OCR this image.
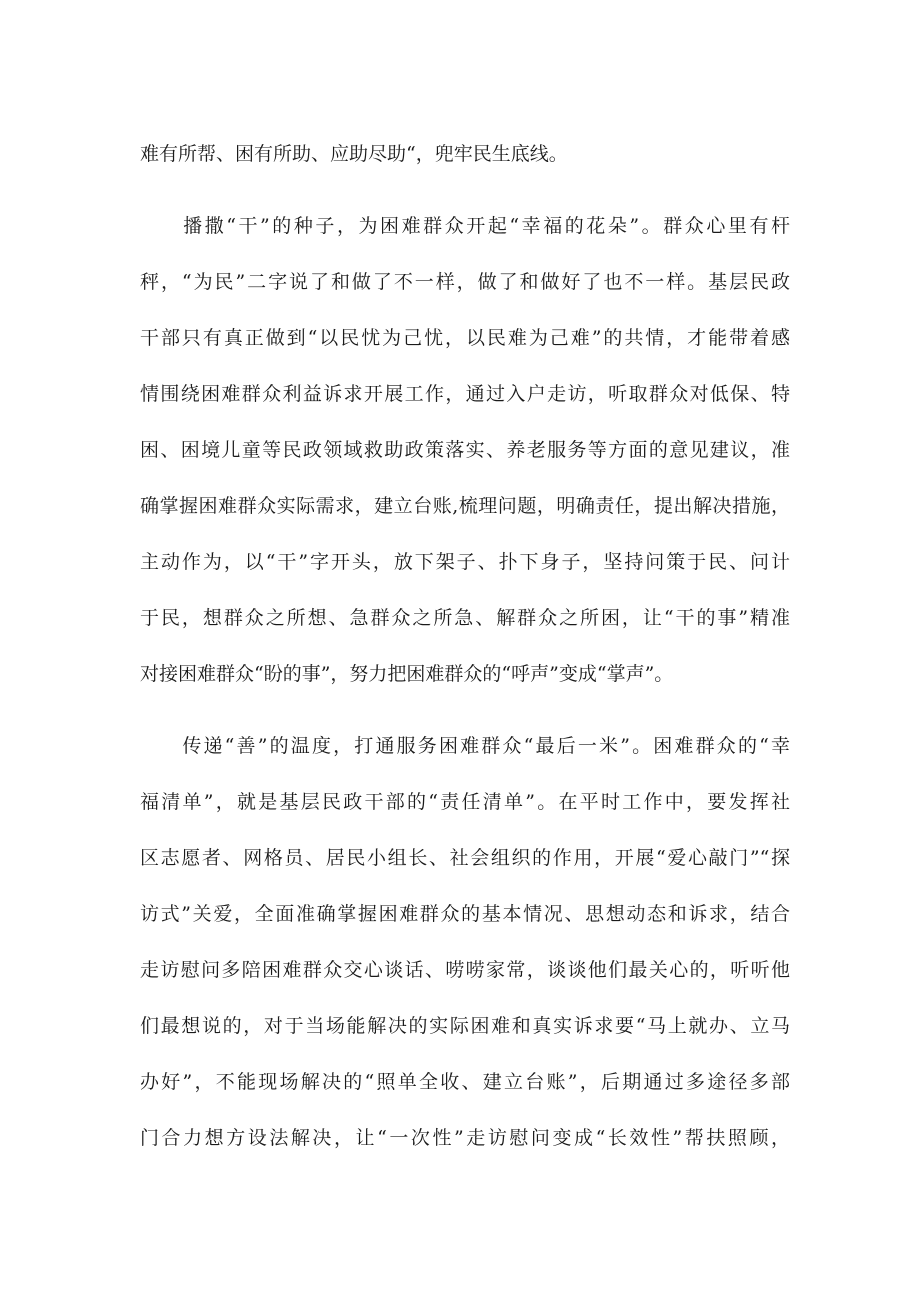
难有所帮、困有所助、应助尽助“，兜牢民生底线。
　　播撒“干”的种子，为困难群众开起“幸福的花朵”。群众心里有杆
秤，“为民”二字说了和做了不一样，做了和做好了也不一样。基层民政
干部只有真正做到“以民忧为己忧，以民难为己难”的共情，才能带着感
情围绕困难群众利益诉求开展工作，通过入户走访，听取群众对低保、特
困、困境儿童等民政领域救助政策落实、养老服务等方面的意见建议，准
确掌握困难群众实际需求，建立台账,梳理问题，明确责任，提出解决措施，
主动作为，以“干”字开头，放下架子、扑下身子，坚持问策于民、问计
于民，想群众之所想、急群众之所急、解群众之所困，让“干的事”精准
对接困难群众“盼的事”，努力把困难群众的“呼声”变成“掌声”。
　　传递“善”的温度，打通服务困难群众“最后一米”。困难群众的“幸
福清单”，就是基层民政干部的“责任清单”。在平时工作中，要发挥社
区志愿者、网格员、居民小组长、社会组织的作用，开展“爱心敲门”“探
访式”关爱，全面准确掌握困难群众的基本情况、思想动态和诉求，结合
走访慰问多陪困难群众交心谈话、唠唠家常，谈谈他们最关心的，听听他
们最想说的，对于当场能解决的实际困难和真实诉求要“马上就办、立马
办好”，不能现场解决的“照单全收、建立台账”，后期通过多途径多部
门合力想方设法解决，让“一次性”走访慰问变成“长效性”帮扶照顾，
